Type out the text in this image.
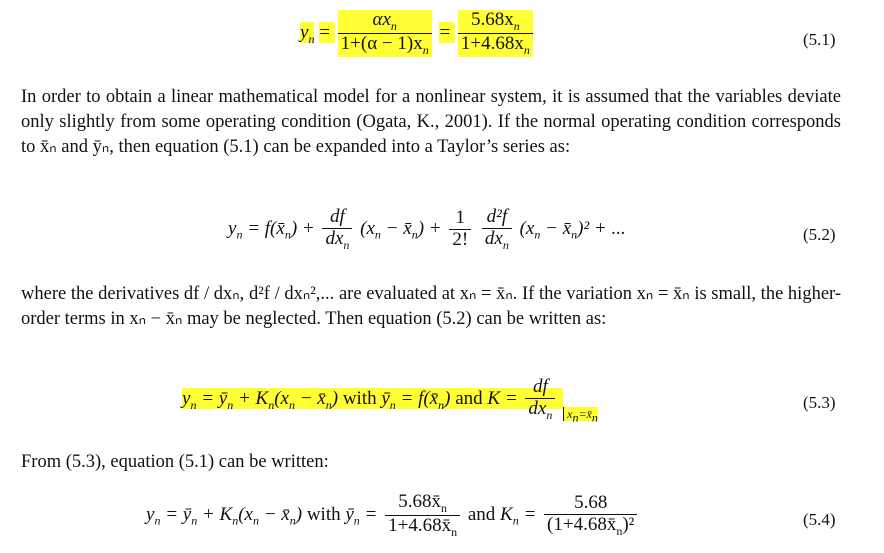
$y_n = \frac{\alpha x_n}{1+(\alpha - 1)x_n} = \frac{5.68x_n}{1+4.68x_n}$	(5.1)

In order to obtain a linear mathematical model for a nonlinear system, it is assumed that the variables deviate only slightly from some operating condition (Ogata, K., 2001). If the normal operating condition corresponds to x̄ₙ and ȳₙ, then equation (5.1) can be expanded into a Taylor’s series as:

$y_n$ = $f(x̄_n) + \frac{df}{dx_n} (x_n$ − $x̄_n) + \frac{1}{2!}$
$\frac{\text{d²f}}{dx_n} (x_n$ − $x̄_n)^2$ + ...	(5.2)

where the derivatives df / dxₙ, d²f / dxₙ²,... are evaluated at xₙ = x̄ₙ. If the variation xₙ = x̄ₙ is small, the higher-order terms in xₙ − x̄ₙ may be neglected. Then equation (5.2) can be written as:

$y_n$ = $ȳ_n + K_n(x_n$ − $x̄_n$) with $ȳ_n$ = $f(x̄_n)$ and $K = \frac{df}{dx_n} _{x_n=x̄_n}$
(5.3)

From (5.3), equation (5.1) can be written:

$y_n$ = $ȳ_n + K_n(x_n$ − $x̄_n$) with $ȳ_n = \frac{5.68x̄_n}{1+4.68x̄_n}$ and $K_n = \frac{5.68}{(1+4.68x̄_n)^2}$	(5.4)
